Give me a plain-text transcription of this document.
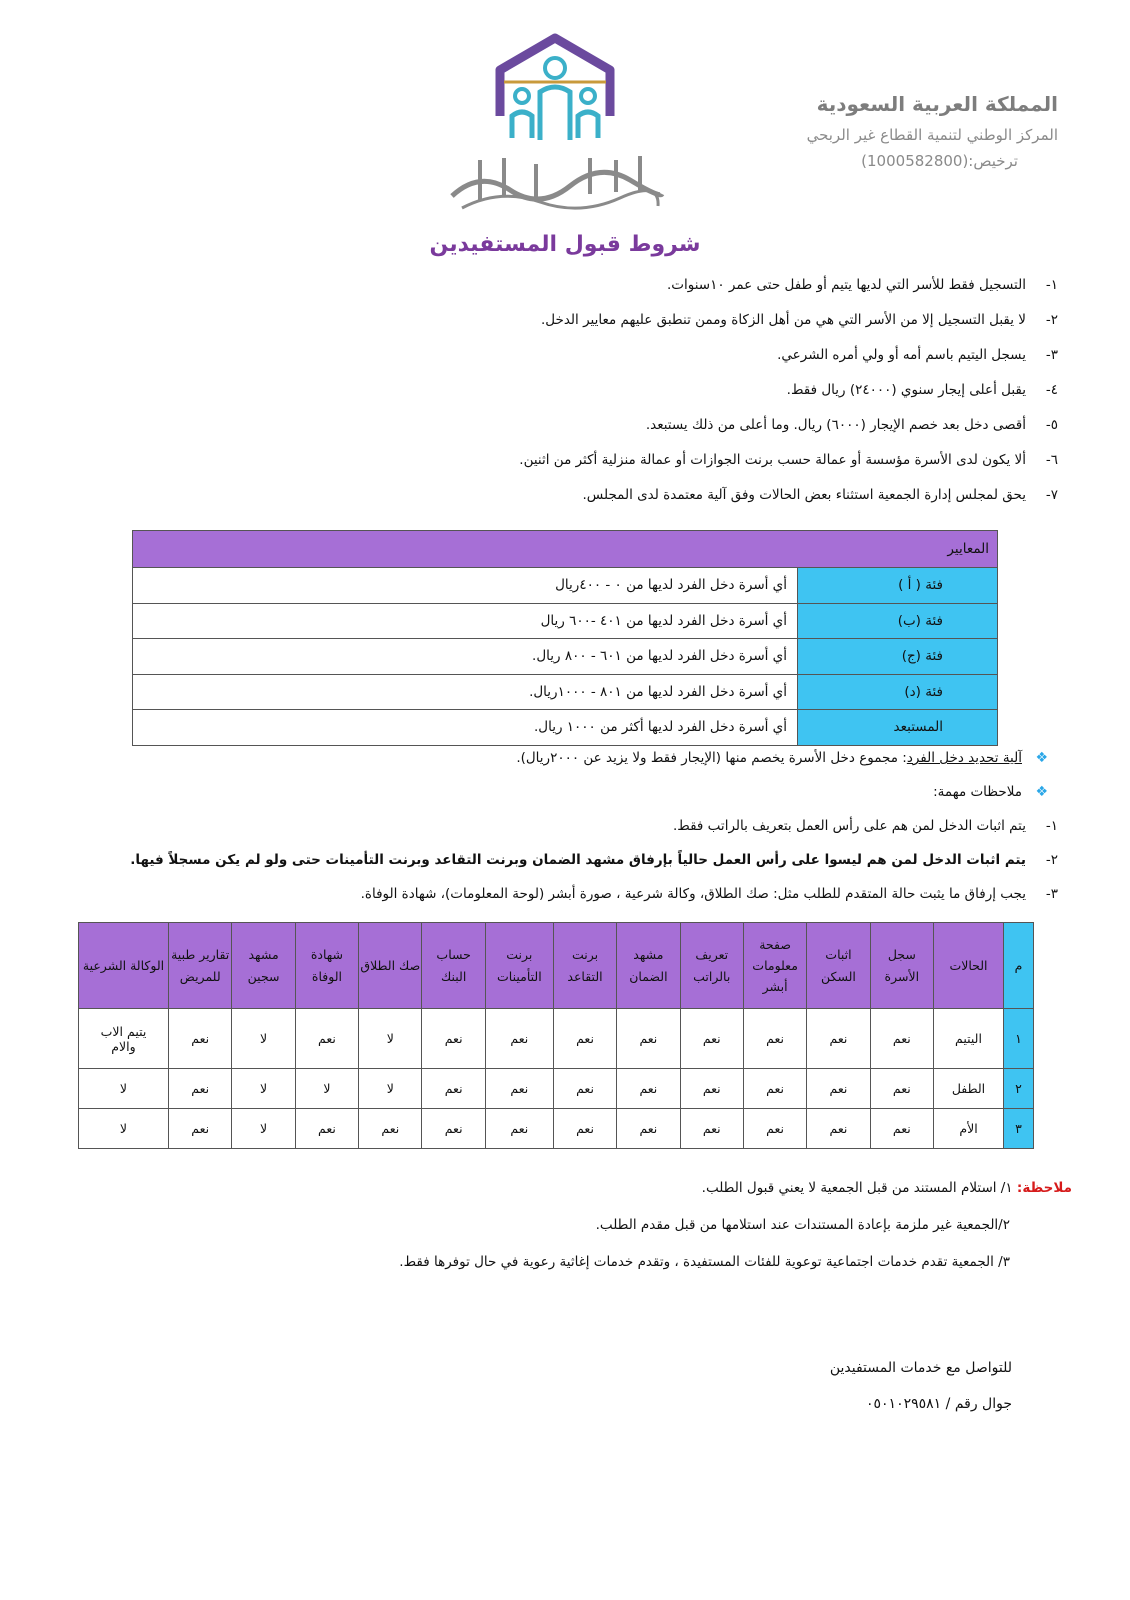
المملكة العربية السعودية
المركز الوطني لتنمية القطاع غير الربحي
ترخيص:(1000582800)
شروط قبول المستفيدين
١-
التسجيل فقط للأسر التي لديها يتيم أو طفل حتى عمر ١٠سنوات.
٢-
لا يقبل التسجيل إلا من الأسر التي هي من أهل الزكاة وممن تنطبق عليهم معايير الدخل.
٣-
يسجل اليتيم باسم أمه أو ولي أمره الشرعي.
٤-
يقبل أعلى إيجار سنوي (٢٤٠٠٠) ريال فقط.
٥-
أقصى دخل بعد خصم الإيجار (٦٠٠٠) ريال. وما أعلى من ذلك يستبعد.
٦-
ألا يكون لدى الأسرة مؤسسة أو عمالة حسب برنت الجوازات أو عمالة منزلية أكثر من اثنين.
٧-
يحق لمجلس إدارة الجمعية استثناء بعض الحالات وفق آلية معتمدة لدى المجلس.
المعايير	
فئة ( أ )	أي أسرة دخل الفرد لديها من ٠ - ٤٠٠ريال
فئة (ب)	أي أسرة دخل الفرد لديها من ٤٠١ -٦٠٠ ريال
فئة (ج)	أي أسرة دخل الفرد لديها من ٦٠١ - ٨٠٠ ريال.
فئة (د)	أي أسرة دخل الفرد لديها من ٨٠١ - ١٠٠٠ريال.
المستبعد	أي أسرة دخل الفرد لديها أكثر من ١٠٠٠ ريال.
❖
آلية تحديد دخل الفرد: مجموع دخل الأسرة يخصم منها (الإيجار فقط ولا يزيد عن ٢٠٠٠ريال).
❖
ملاحظات مهمة:
١-
يتم اثبات الدخل لمن هم على رأس العمل بتعريف بالراتب فقط.
٢-
يتم اثبات الدخل لمن هم ليسوا على رأس العمل حالياً بإرفاق مشهد الضمان وبرنت التقاعد وبرنت التأمينات حتى ولو لم يكن مسجلاً فيها.
٣-
يجب إرفاق ما يثبت حالة المتقدم للطلب مثل: صك الطلاق، وكالة شرعية ، صورة أبشر (لوحة المعلومات)، شهادة الوفاة.
م	الحالات	سجل الأسرة	اثبات السكن	صفحة معلومات أبشر	تعريف بالراتب	مشهد الضمان	برنت التقاعد	برنت التأمينات	حساب البنك	صك الطلاق	شهادة الوفاة	مشهد سجين	تقارير طبية للمريض	الوكالة الشرعية
١	اليتيم	نعم	نعم	نعم	نعم	نعم	نعم	نعم	نعم	لا	نعم	لا	نعم	يتيم الاب والام
٢	الطفل	نعم	نعم	نعم	نعم	نعم	نعم	نعم	نعم	لا	لا	لا	نعم	لا
٣	الأم	نعم	نعم	نعم	نعم	نعم	نعم	نعم	نعم	نعم	نعم	لا	نعم	لا
ملاحظة: ١/ استلام المستند من قبل الجمعية لا يعني قبول الطلب.
٢/الجمعية غير ملزمة بإعادة المستندات عند استلامها من قبل مقدم الطلب.
٣/ الجمعية تقدم خدمات اجتماعية توعوية للفئات المستفيدة ، وتقدم خدمات إغاثية رعوية في حال توفرها فقط.
للتواصل مع خدمات المستفيدين
جوال رقم / ٠٥٠١٠٢٩٥٨١
